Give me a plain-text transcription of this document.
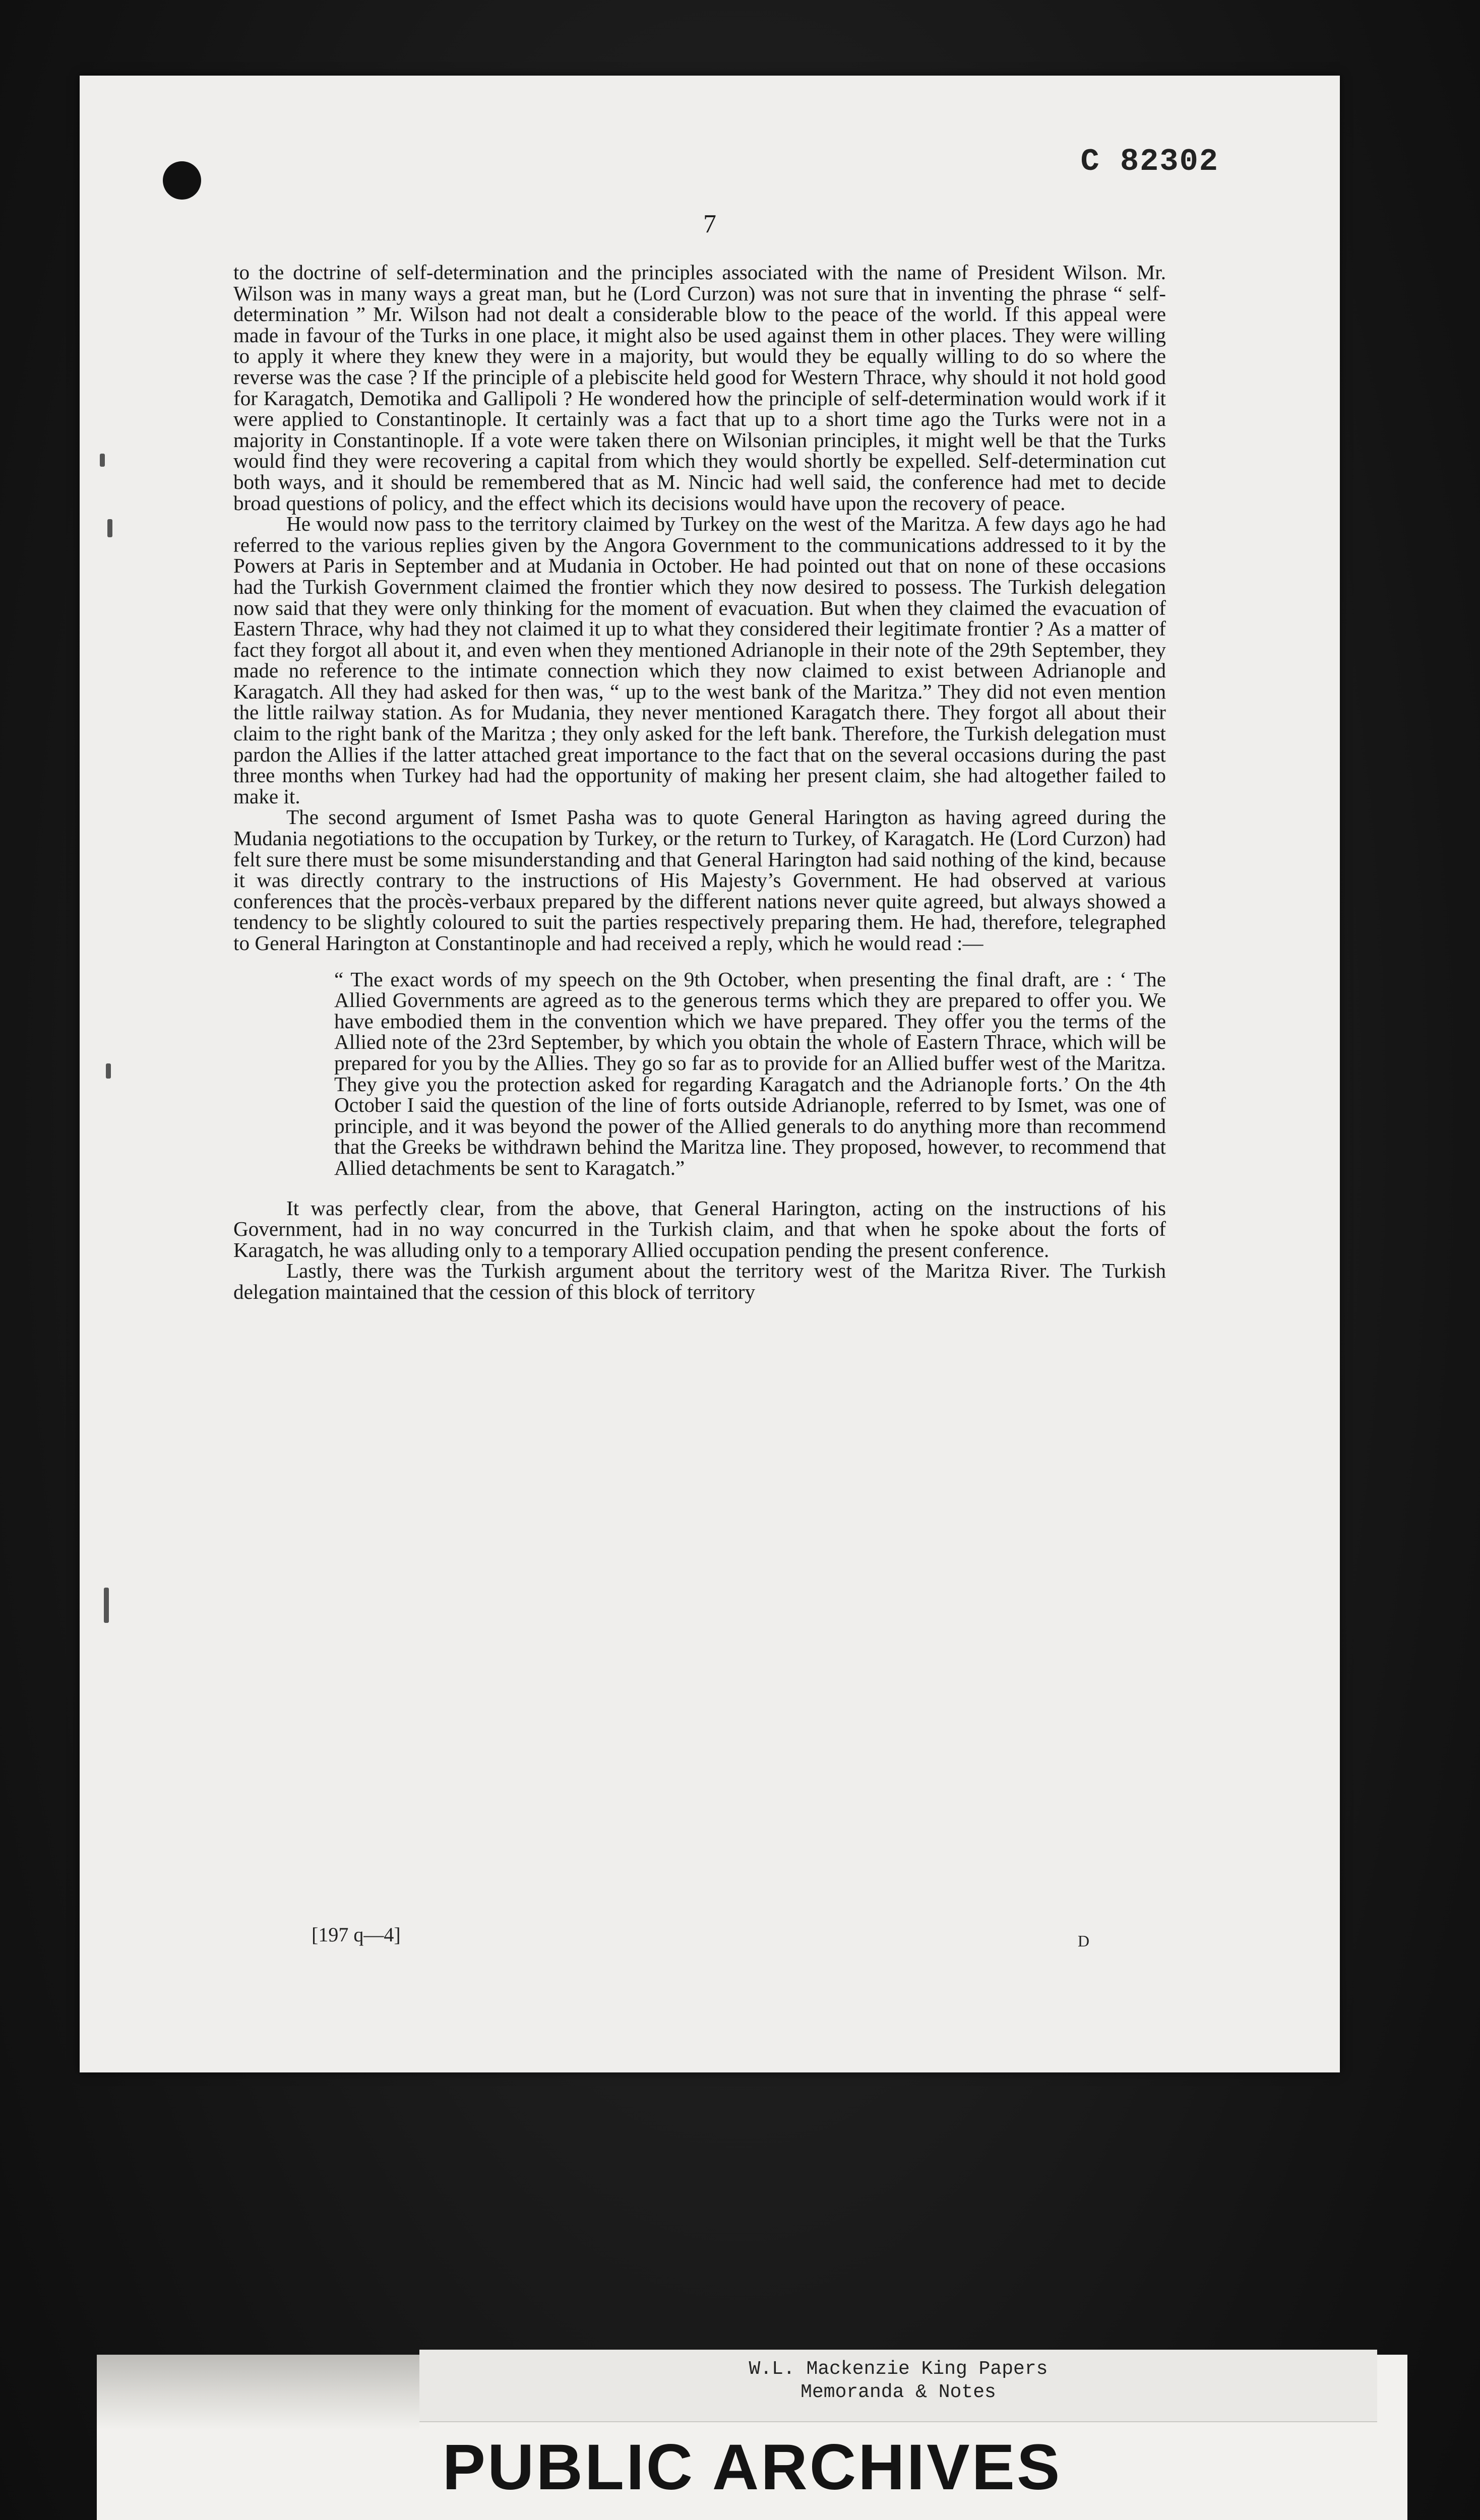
C 82302
7

to the doctrine of self-determination and the principles associated with the name of President Wilson. Mr. Wilson was in many ways a great man, but he (Lord Curzon) was not sure that in inventing the phrase “ self-determination ” Mr. Wilson had not dealt a considerable blow to the peace of the world. If this appeal were made in favour of the Turks in one place, it might also be used against them in other places. They were willing to apply it where they knew they were in a majority, but would they be equally willing to do so where the reverse was the case ? If the principle of a plebiscite held good for Western Thrace, why should it not hold good for Karagatch, Demotika and Gallipoli ? He wondered how the principle of self-determination would work if it were applied to Constantinople. It certainly was a fact that up to a short time ago the Turks were not in a majority in Constantinople. If a vote were taken there on Wilsonian principles, it might well be that the Turks would find they were recovering a capital from which they would shortly be expelled. Self-determination cut both ways, and it should be remembered that as M. Nincic had well said, the conference had met to decide broad questions of policy, and the effect which its decisions would have upon the recovery of peace.

He would now pass to the territory claimed by Turkey on the west of the Maritza. A few days ago he had referred to the various replies given by the Angora Government to the communications addressed to it by the Powers at Paris in September and at Mudania in October. He had pointed out that on none of these occasions had the Turkish Government claimed the frontier which they now desired to possess. The Turkish delegation now said that they were only thinking for the moment of evacuation. But when they claimed the evacuation of Eastern Thrace, why had they not claimed it up to what they considered their legitimate frontier ? As a matter of fact they forgot all about it, and even when they mentioned Adrianople in their note of the 29th September, they made no reference to the intimate connection which they now claimed to exist between Adrianople and Karagatch. All they had asked for then was, “ up to the west bank of the Maritza.” They did not even mention the little railway station. As for Mudania, they never mentioned Karagatch there. They forgot all about their claim to the right bank of the Maritza ; they only asked for the left bank. Therefore, the Turkish delegation must pardon the Allies if the latter attached great importance to the fact that on the several occasions during the past three months when Turkey had had the opportunity of making her present claim, she had altogether failed to make it.

The second argument of Ismet Pasha was to quote General Harington as having agreed during the Mudania negotiations to the occupation by Turkey, or the return to Turkey, of Karagatch. He (Lord Curzon) had felt sure there must be some misunderstanding and that General Harington had said nothing of the kind, because it was directly contrary to the instructions of His Majesty’s Government. He had observed at various conferences that the procès-verbaux prepared by the different nations never quite agreed, but always showed a tendency to be slightly coloured to suit the parties respectively preparing them. He had, therefore, telegraphed to General Harington at Constantinople and had received a reply, which he would read :—

“ The exact words of my speech on the 9th October, when presenting the final draft, are : ‘ The Allied Governments are agreed as to the generous terms which they are prepared to offer you. We have embodied them in the convention which we have prepared. They offer you the terms of the Allied note of the 23rd September, by which you obtain the whole of Eastern Thrace, which will be prepared for you by the Allies. They go so far as to provide for an Allied buffer west of the Maritza. They give you the protection asked for regarding Karagatch and the Adrianople forts.’ On the 4th October I said the question of the line of forts outside Adrianople, referred to by Ismet, was one of principle, and it was beyond the power of the Allied generals to do anything more than recommend that the Greeks be withdrawn behind the Maritza line. They proposed, however, to recommend that Allied detachments be sent to Karagatch.”

It was perfectly clear, from the above, that General Harington, acting on the instructions of his Government, had in no way concurred in the Turkish claim, and that when he spoke about the forts of Karagatch, he was alluding only to a temporary Allied occupation pending the present conference.

Lastly, there was the Turkish argument about the territory west of the Maritza River. The Turkish delegation maintained that the cession of this block of territory

[197 q—4]	D
W.L. Mackenzie King Papers
Memoranda & Notes
PUBLIC ARCHIVES
